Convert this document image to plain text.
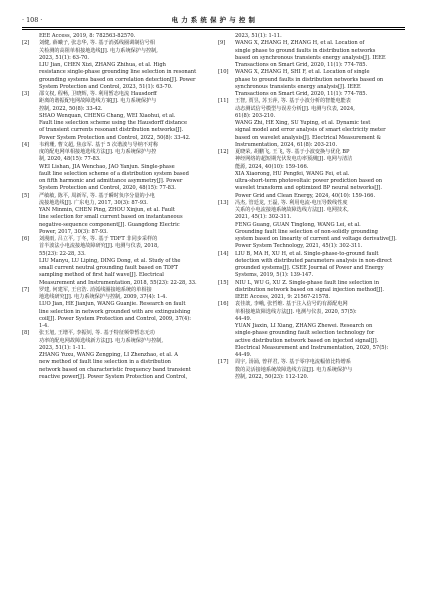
· 108 ·	电 力 系 统 保 护 与 控 制
EEE Access, 2019, 8: 782563-82570.
[2] 刘健, 薛曦子, 张志华, 等. 基于消弧线圈调制信号相
关检测的高阻单相接地选线[J]. 电力系统保护与控制,
2023, 51(1): 63-70.
LIU Jian, CHEN Xizi, ZHANG Zhihua, et al. High
resistance single-phase grounding line selection in resonant
grounding systems based on correlation detection[J]. Power
System Protection and Control, 2023, 51(1): 63-70.
[3] 邵文权, 程畅, 卫晓辉, 等. 利用暂态电流 Hausdorff
距离的谐振配电网故障选线方案[J]. 电力系统保护与
控制, 2022, 50(8): 33-42.
SHAO Wenquan, CHENG Chang, WEI Xiaohui, et al.
Fault line selection scheme using the Hausdorff distance
of transient currents resonant distribution networks[J].
Power System Protection and Control, 2022, 50(8): 33-42.
[4] 韦莉珊, 曹文超, 焦彦军. 基于 5 次谐波与导纳不对称
度的配电网单相接地选线方法[J]. 电力系统保护与控
制, 2020, 48(15): 77-83.
WEI Lishan, JIA Wenchao, JAO Yanjun. Single-phase
fault line selection scheme of a distribution system based
on fifth harmonic and admittance asymmetry[J]. Power
System Protection and Control, 2020, 48(15): 77-83.
[5] 严敏敏, 陈平, 周新军, 等. 基于瞬时负序分量的小电
流接地选线[J]. 广东电力, 2017, 30(3): 87-93.
YAN Minmin, CHEN Ping, ZHOU Xinjun, et al. Fault
line selection for small current based on instantaneous
negative-sequence component[J]. Guangdong Electric
Power, 2017, 30(3): 87-93.
[6] 刘漫雨, 吕立平, 丁冬, 等. 基于 TDFT 非同步采样的
首半波法小电流接地故障研究[J]. 电测与仪表, 2018,
55(23): 22-28, 33.
LIU Manyu, LU Liping, DING Dong, et al. Study of the
small current neutral grounding fault based on TDFT
sampling method of first half wave[J]. Electrical
Measurement and Instrumentation, 2018, 55(23): 22-28, 33.
[7] 罗建, 何建军, 王官浩. 消弧线圈接地系统的单相接
地选线研究[J]. 电力系统保护与控制, 2009, 37(4): 1-4.
LUO Jian, HE Jianjun, WANG Guanjie. Research on fault
line selection in network grounded with are extinguishing
coil[J]. Power System Protection and Control, 2009, 37(4):
1-4.
[8] 张玉旭, 王增平, 李振钊, 等. 基于特征频带暂态无功
功率的配电网故障选线新方法[J]. 电力系统保护与控制,
2023, 51(1): 1-11.
ZHANG Yuxu, WANG Zengping, LI Zhenzhao, et al. A
new method of fault line selection in a distribution
network based on characteristic frequency band transient
reactive power[J]. Power System Protection and Control,
2023, 51(1): 1-11.
[9] WANG X, ZHANG H, ZHANG H, et al. Location of
single phase to ground faults in distribution networks
based on synchronous transients energy analysis[J]. IEEE
Transactions on Smart Grid, 2020, 11(1): 774-785.
[10] WANG X, ZHANG H, SHI F, et al. Location of single
phase to ground faults in distribution networks based on
synchronous transients energy analysis[J]. IEEE
Transactions on Smart Grid, 2020, 11(1): 774-785.
[11] 王智, 贾昱, 苏玉萍, 等. 基于小波分析的智能电能表
动态测试信号模型与误差分析[J]. 电测与仪表, 2024,
61(8): 203-210.
WANG Zhi, HE Xing, SU Yuping, et al. Dynamic test
signal model and error analysis of smart electricity meter
based on wavelet analysis[J]. Electrical Measurement &
Instrumentation, 2024, 61(8): 203-210.
[12] 夏晓荣, 胡鹏飞, 王飞, 等. 基于小波变换与优化 BP
神经网络的超短期光伏发电功率预测[J]. 电网与清洁
能源, 2024, 40(10): 159-166.
XIA Xiaorong, HU Pengfei, WANG Fei, et al.
ultra-short-term photovoltaic power prediction based on
wavelet transform and optimized BP neural networks[J].
Power Grid and Clean Energy, 2024, 40(10): 159-166.
[13] 冯杰, 管廷龙, 王磊, 等. 利用电流-电压导数线性度
关系的小电流接地系统故障选线方法[J]. 电网技术,
2021, 45(1): 302-311.
FENG Guang, GUAN Tinglong, WANG Lei, et al.
Grounding fault line selection of non-solidly grounding
system based on linearity of current and voltage derivative[J].
Power System Technology, 2021, 45(1): 302-311.
[14] LIU B, MA H, XU H, et al. Single-phase-to-ground fault
detection with distributed parameters analysis in non-direct
grounded systems[J]. CSEE Journal of Power and Energy
Systems, 2019, 5(1): 139-147.
[15] NIU L, WU G, XU Z. Single-phase fault line selection in
distribution network based on signal injection method[J].
IEEE Access, 2021, 9: 21567-21578.
[16] 袁佳歆, 李峨, 张哲维. 基于注入信号的有源配电网
单相接地故障选线方法[J]. 电测与仪表, 2020, 57(5):
44-49.
YUAN Jiaxin, LI Xiang, ZHANG Zhewei. Research on
single-phase grounding fault selection technology for
active distribution network based on injected signal[J].
Electrical Measurement and Instrumentation, 2020, 57(5):
44-49.
[17] 周宇, 汤涌, 曾祥君, 等. 基于零序电流幅值比特增系
数的灵活接地系统故障选线方法[J]. 电力系统保护与
控制, 2022, 50(23): 112-120.
